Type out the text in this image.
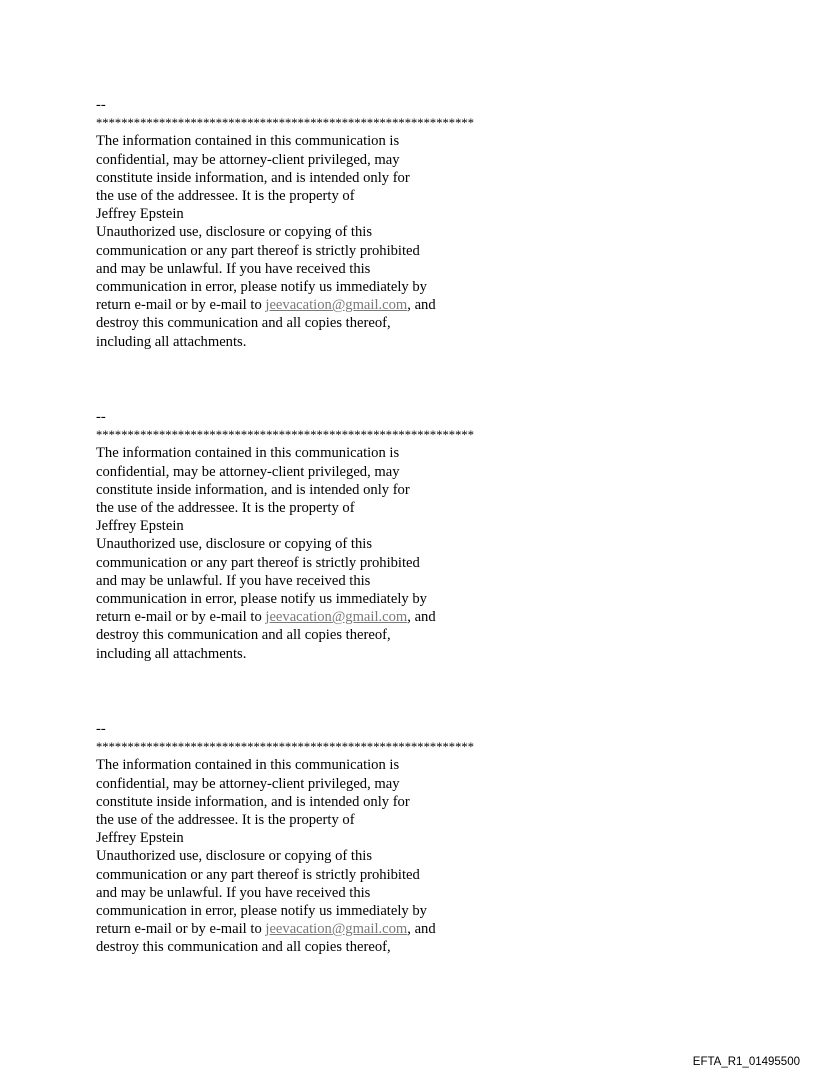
--
************************************************************
The information contained in this communication is
confidential, may be attorney-client privileged, may
constitute inside information, and is intended only for
the use of the addressee. It is the property of
Jeffrey Epstein
Unauthorized use, disclosure or copying of this
communication or any part thereof is strictly prohibited
and may be unlawful. If you have received this
communication in error, please notify us immediately by
return e-mail or by e-mail to jeevacation@gmail.com, and
destroy this communication and all copies thereof,
including all attachments.
--
************************************************************
The information contained in this communication is
confidential, may be attorney-client privileged, may
constitute inside information, and is intended only for
the use of the addressee. It is the property of
Jeffrey Epstein
Unauthorized use, disclosure or copying of this
communication or any part thereof is strictly prohibited
and may be unlawful. If you have received this
communication in error, please notify us immediately by
return e-mail or by e-mail to jeevacation@gmail.com, and
destroy this communication and all copies thereof,
including all attachments.
--
************************************************************
The information contained in this communication is
confidential, may be attorney-client privileged, may
constitute inside information, and is intended only for
the use of the addressee. It is the property of
Jeffrey Epstein
Unauthorized use, disclosure or copying of this
communication or any part thereof is strictly prohibited
and may be unlawful. If you have received this
communication in error, please notify us immediately by
return e-mail or by e-mail to jeevacation@gmail.com, and
destroy this communication and all copies thereof,
EFTA_R1_01495500
